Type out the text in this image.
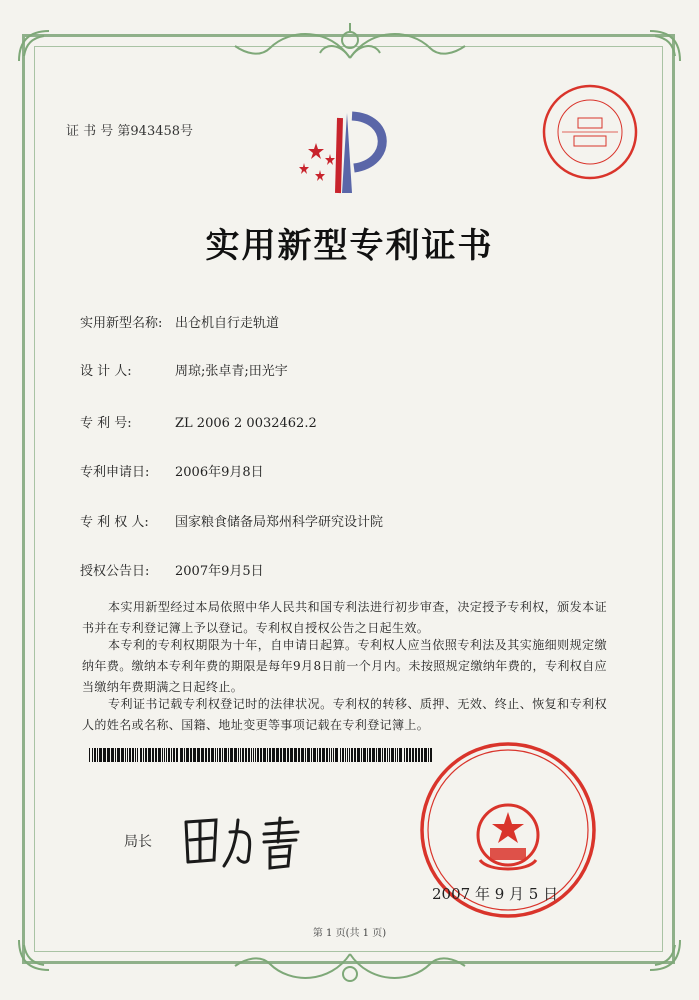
证 书 号 第943458号
实用新型专利证书
实用新型名称: 出仓机自行走轨道
设 计 人:	周琼;张卓青;田光宇
专 利 号:	ZL 2006 2 0032462.2
专利申请日: 2006年9月8日
专 利 权 人: 国家粮食储备局郑州科学研究设计院
授权公告日: 2007年9月5日
本实用新型经过本局依照中华人民共和国专利法进行初步审查，决定授予专利权，颁发本证书并在专利登记簿上予以登记。专利权自授权公告之日起生效。
本专利的专利权期限为十年，自申请日起算。专利权人应当依照专利法及其实施细则规定缴纳年费。缴纳本专利年费的期限是每年9月8日前一个月内。未按照规定缴纳年费的，专利权自应当缴纳年费期满之日起终止。
专利证书记载专利权登记时的法律状况。专利权的转移、质押、无效、终止、恢复和专利权人的姓名或名称、国籍、地址变更等事项记载在专利登记簿上。
局长
2007 年 9 月 5 日
第 1 页(共 1 页)
